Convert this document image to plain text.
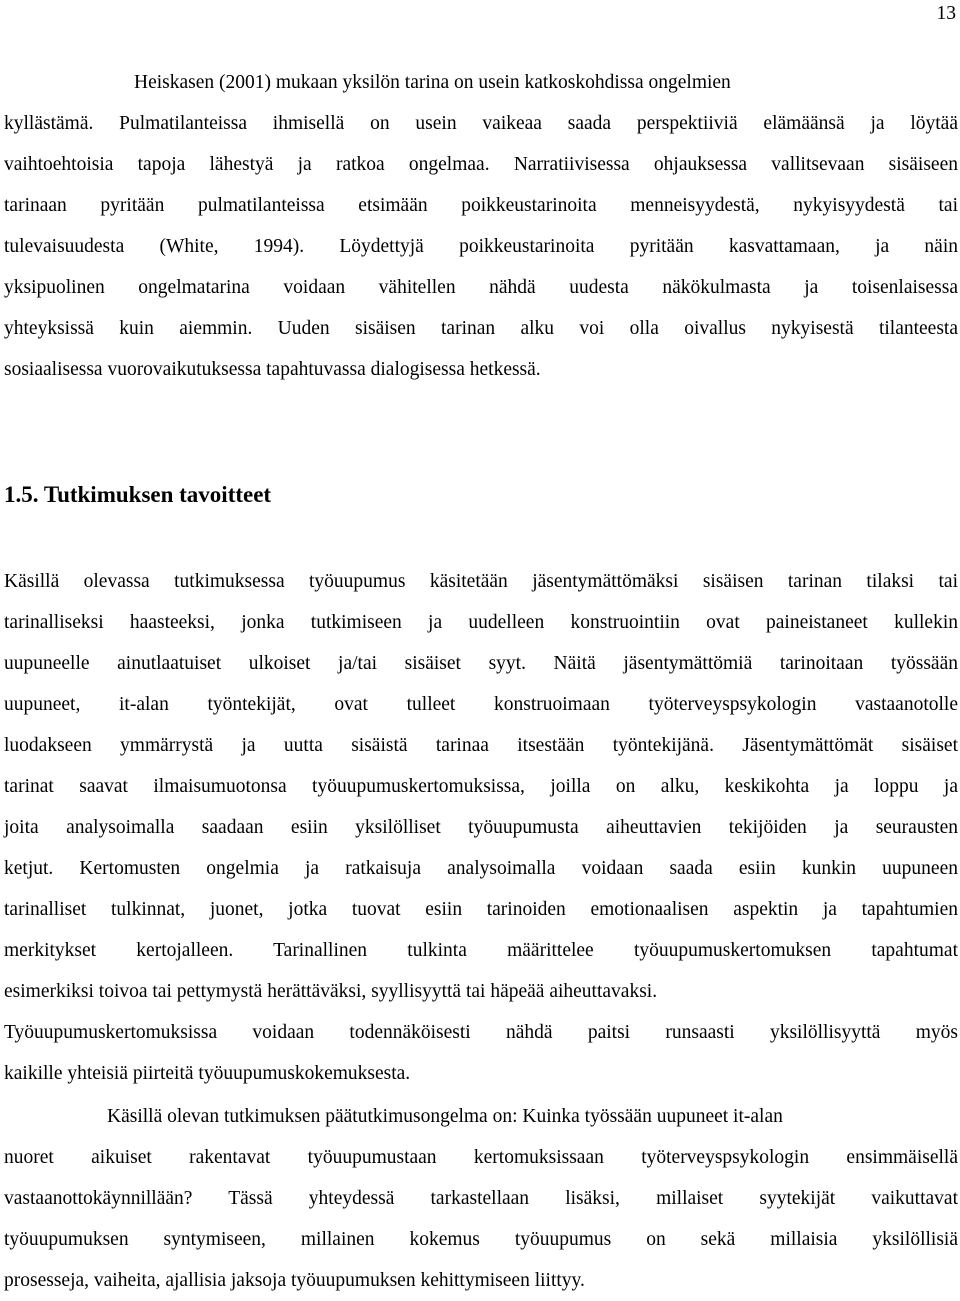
13
Heiskasen (2001) mukaan yksilön tarina on usein katkoskohdissa ongelmien
kyllästämä. Pulmatilanteissa ihmisellä on usein vaikeaa saada perspektiiviä elämäänsä ja löytää
vaihtoehtoisia tapoja lähestyä ja ratkoa ongelmaa. Narratiivisessa ohjauksessa vallitsevaan sisäiseen
tarinaan pyritään pulmatilanteissa etsimään poikkeustarinoita menneisyydestä, nykyisyydestä tai
tulevaisuudesta (White, 1994). Löydettyjä poikkeustarinoita pyritään kasvattamaan, ja näin
yksipuolinen ongelmatarina voidaan vähitellen nähdä uudesta näkökulmasta ja toisenlaisessa
yhteyksissä kuin aiemmin. Uuden sisäisen tarinan alku voi olla oivallus nykyisestä tilanteesta
sosiaalisessa vuorovaikutuksessa tapahtuvassa dialogisessa hetkessä.
1.5. Tutkimuksen tavoitteet
Käsillä olevassa tutkimuksessa työuupumus käsitetään jäsentymättömäksi sisäisen tarinan tilaksi tai
tarinalliseksi haasteeksi, jonka tutkimiseen ja uudelleen konstruointiin ovat paineistaneet kullekin
uupuneelle ainutlaatuiset ulkoiset ja/tai sisäiset syyt. Näitä jäsentymättömiä tarinoitaan työssään
uupuneet, it-alan työntekijät, ovat tulleet konstruoimaan työterveyspsykologin vastaanotolle
luodakseen ymmärrystä ja uutta sisäistä tarinaa itsestään työntekijänä. Jäsentymättömät sisäiset
tarinat saavat ilmaisumuotonsa työuupumuskertomuksissa, joilla on alku, keskikohta ja loppu ja
joita analysoimalla saadaan esiin yksilölliset työuupumusta aiheuttavien tekijöiden ja seurausten
ketjut. Kertomusten ongelmia ja ratkaisuja analysoimalla voidaan saada esiin kunkin uupuneen
tarinalliset tulkinnat, juonet, jotka tuovat esiin tarinoiden emotionaalisen aspektin ja tapahtumien
merkitykset kertojalleen. Tarinallinen tulkinta määrittelee työuupumuskertomuksen tapahtumat
esimerkiksi toivoa tai pettymystä herättäväksi, syyllisyyttä tai häpeää aiheuttavaksi.
Työuupumuskertomuksissa voidaan todennäköisesti nähdä paitsi runsaasti yksilöllisyyttä myös
kaikille yhteisiä piirteitä työuupumuskokemuksesta.
Käsillä olevan tutkimuksen päätutkimusongelma on: Kuinka työssään uupuneet it-alan
nuoret aikuiset rakentavat työuupumustaan kertomuksissaan työterveyspsykologin ensimmäisellä
vastaanottokäynnillään? Tässä yhteydessä tarkastellaan lisäksi, millaiset syytekijät vaikuttavat
työuupumuksen syntymiseen, millainen kokemus työuupumus on sekä millaisia yksilöllisiä
prosesseja, vaiheita, ajallisia jaksoja työuupumuksen kehittymiseen liittyy.
